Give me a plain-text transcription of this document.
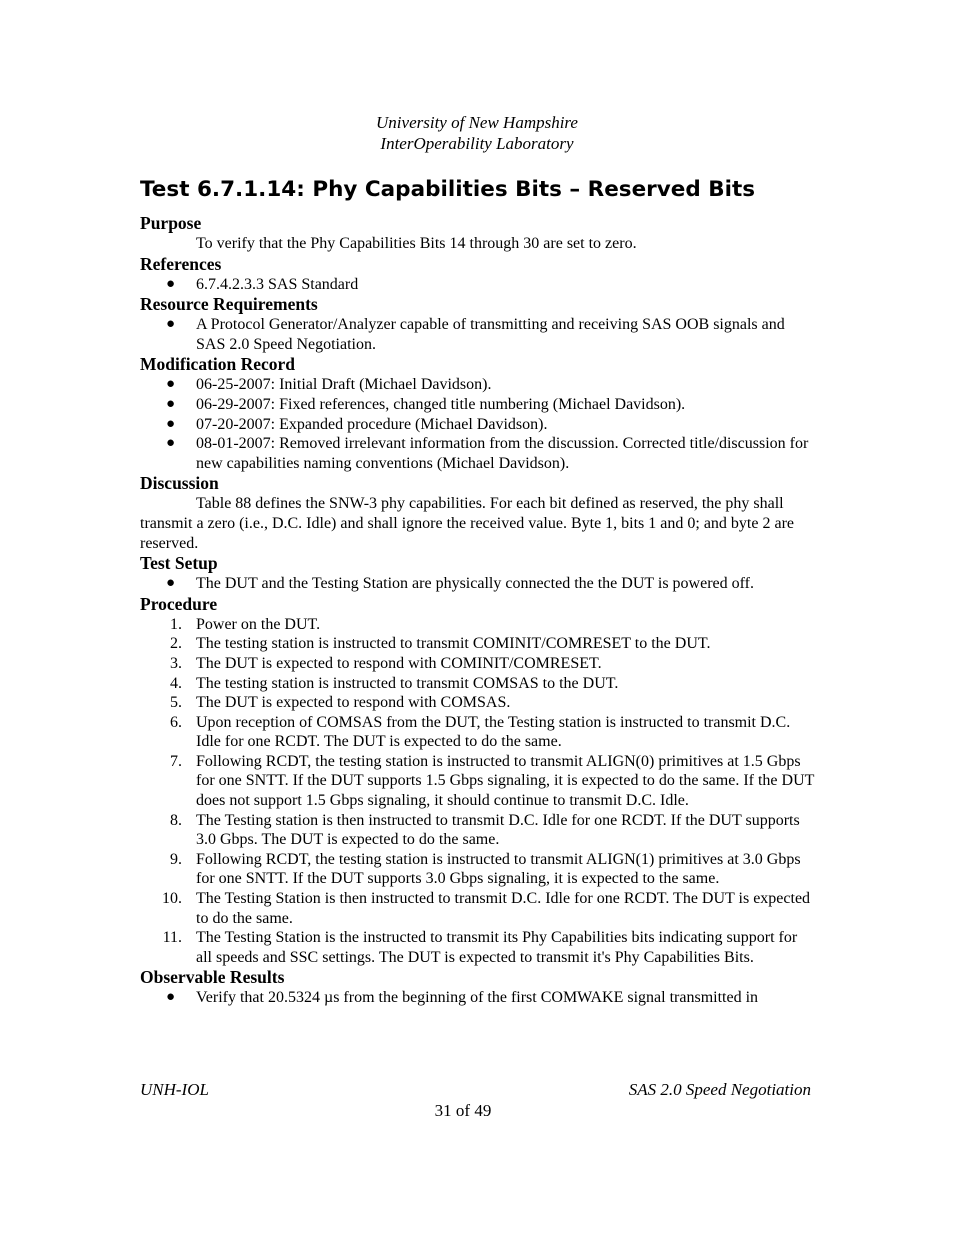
University of New Hampshire
InterOperability Laboratory
Test 6.7.1.14: Phy Capabilities Bits – Reserved Bits
Purpose
To verify that the Phy Capabilities Bits 14 through 30 are set to zero.
References
● 6.7.4.2.3.3 SAS Standard
Resource Requirements
● A Protocol Generator/Analyzer capable of transmitting and receiving SAS OOB signals and SAS 2.0 Speed Negotiation.
Modification Record
● 06-25-2007: Initial Draft (Michael Davidson).
● 06-29-2007: Fixed references, changed title numbering (Michael Davidson).
● 07-20-2007: Expanded procedure (Michael Davidson).
● 08-01-2007: Removed irrelevant information from the discussion. Corrected title/discussion for new capabilities naming conventions (Michael Davidson).
Discussion
Table 88 defines the SNW-3 phy capabilities. For each bit defined as reserved, the phy shall transmit a zero (i.e., D.C. Idle) and shall ignore the received value. Byte 1, bits 1 and 0; and byte 2 are reserved.
Test Setup
● The DUT and the Testing Station are physically connected the the DUT is powered off.
Procedure
1. Power on the DUT.
2. The testing station is instructed to transmit COMINIT/COMRESET to the DUT.
3. The DUT is expected to respond with COMINIT/COMRESET.
4. The testing station is instructed to transmit COMSAS to the DUT.
5. The DUT is expected to respond with COMSAS.
6. Upon reception of COMSAS from the DUT, the Testing station is instructed to transmit D.C. Idle for one RCDT. The DUT is expected to do the same.
7. Following RCDT, the testing station is instructed to transmit ALIGN(0) primitives at 1.5 Gbps for one SNTT. If the DUT supports 1.5 Gbps signaling, it is expected to do the same. If the DUT does not support 1.5 Gbps signaling, it should continue to transmit D.C. Idle.
8. The Testing station is then instructed to transmit D.C. Idle for one RCDT. If the DUT supports 3.0 Gbps. The DUT is expected to do the same.
9. Following RCDT, the testing station is instructed to transmit ALIGN(1) primitives at 3.0 Gbps for one SNTT. If the DUT supports 3.0 Gbps signaling, it is expected to the same.
10. The Testing Station is then instructed to transmit D.C. Idle for one RCDT. The DUT is expected to do the same.
11. The Testing Station is the instructed to transmit its Phy Capabilities bits indicating support for all speeds and SSC settings. The DUT is expected to transmit it's Phy Capabilities Bits.
Observable Results
● Verify that 20.5324 µs from the beginning of the first COMWAKE signal transmitted in
UNH-IOL	SAS 2.0 Speed Negotiation
31 of 49
